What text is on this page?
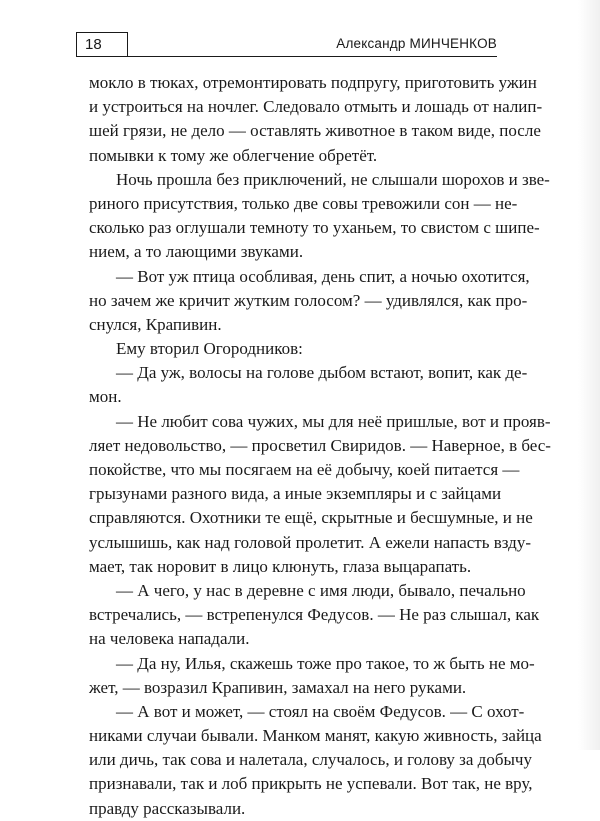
18	Александр МИНЧЕНКОВ
мокло в тюках, отремонтировать подпругу, приготовить ужин
и устроиться на ночлег. Следовало отмыть и лошадь от налип-
шей грязи, не дело — оставлять животное в таком виде, после
помывки к тому же облегчение обретёт.
Ночь прошла без приключений, не слышали шорохов и зве-
риного присутствия, только две совы тревожили сон — не-
сколько раз оглушали темноту то уханьем, то свистом с шипе-
нием, а то лающими звуками.
— Вот уж птица особливая, день спит, а ночью охотится,
но зачем же кричит жутким голосом? — удивлялся, как про-
снулся, Крапивин.
Ему вторил Огородников:
— Да уж, волосы на голове дыбом встают, вопит, как де-
мон.
— Не любит сова чужих, мы для неё пришлые, вот и прояв-
ляет недовольство, — просветил Свиридов. — Наверное, в бес-
покойстве, что мы посягаем на её добычу, коей питается —
грызунами разного вида, а иные экземпляры и с зайцами
справляются. Охотники те ещё, скрытные и бесшумные, и не
услышишь, как над головой пролетит. А ежели напасть взду-
мает, так норовит в лицо клюнуть, глаза выцарапать.
— А чего, у нас в деревне с имя люди, бывало, печально
встречались, — встрепенулся Федусов. — Не раз слышал, как
на человека нападали.
— Да ну, Илья, скажешь тоже про такое, то ж быть не мо-
жет, — возразил Крапивин, замахал на него руками.
— А вот и может, — стоял на своём Федусов. — С охот-
никами случаи бывали. Манком манят, какую живность, зайца
или дичь, так сова и налетала, случалось, и голову за добычу
признавали, так и лоб прикрыть не успевали. Вот так, не вру,
правду рассказывали.
